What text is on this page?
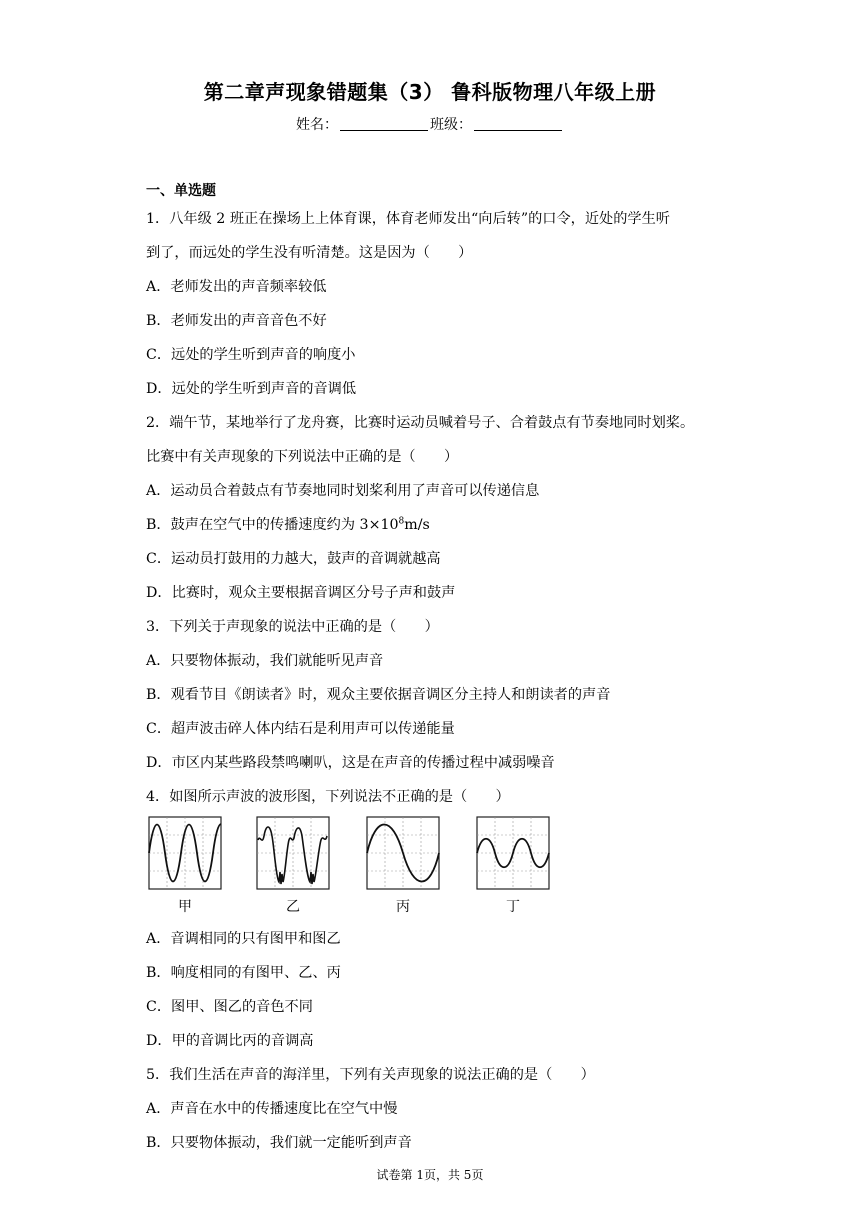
第二章声现象错题集（3） 鲁科版物理八年级上册
姓名：	班级：
一、单选题
1．八年级 2 班正在操场上上体育课，体育老师发出“向后转”的口令，近处的学生听
到了，而远处的学生没有听清楚。这是因为（　　）
A．老师发出的声音频率较低
B．老师发出的声音音色不好
C．远处的学生听到声音的响度小
D．远处的学生听到声音的音调低
2．端午节，某地举行了龙舟赛，比赛时运动员喊着号子、合着鼓点有节奏地同时划桨。
比赛中有关声现象的下列说法中正确的是（　　）
A．运动员合着鼓点有节奏地同时划桨利用了声音可以传递信息
B．鼓声在空气中的传播速度约为 $3\times 10^8m/s$
C．运动员打鼓用的力越大，鼓声的音调就越高
D．比赛时，观众主要根据音调区分号子声和鼓声
3．下列关于声现象的说法中正确的是（　　）
A．只要物体振动，我们就能听见声音
B．观看节目《朗读者》时，观众主要依据音调区分主持人和朗读者的声音
C．超声波击碎人体内结石是利用声可以传递能量
D．市区内某些路段禁鸣喇叭，这是在声音的传播过程中减弱噪音
4．如图所示声波的波形图，下列说法不正确的是（　　）
甲	乙	丙	丁
A．音调相同的只有图甲和图乙
B．响度相同的有图甲、乙、丙
C．图甲、图乙的音色不同
D．甲的音调比丙的音调高
5．我们生活在声音的海洋里，下列有关声现象的说法正确的是（　　）
A．声音在水中的传播速度比在空气中慢
B．只要物体振动，我们就一定能听到声音
试卷第 1页，共 5页
